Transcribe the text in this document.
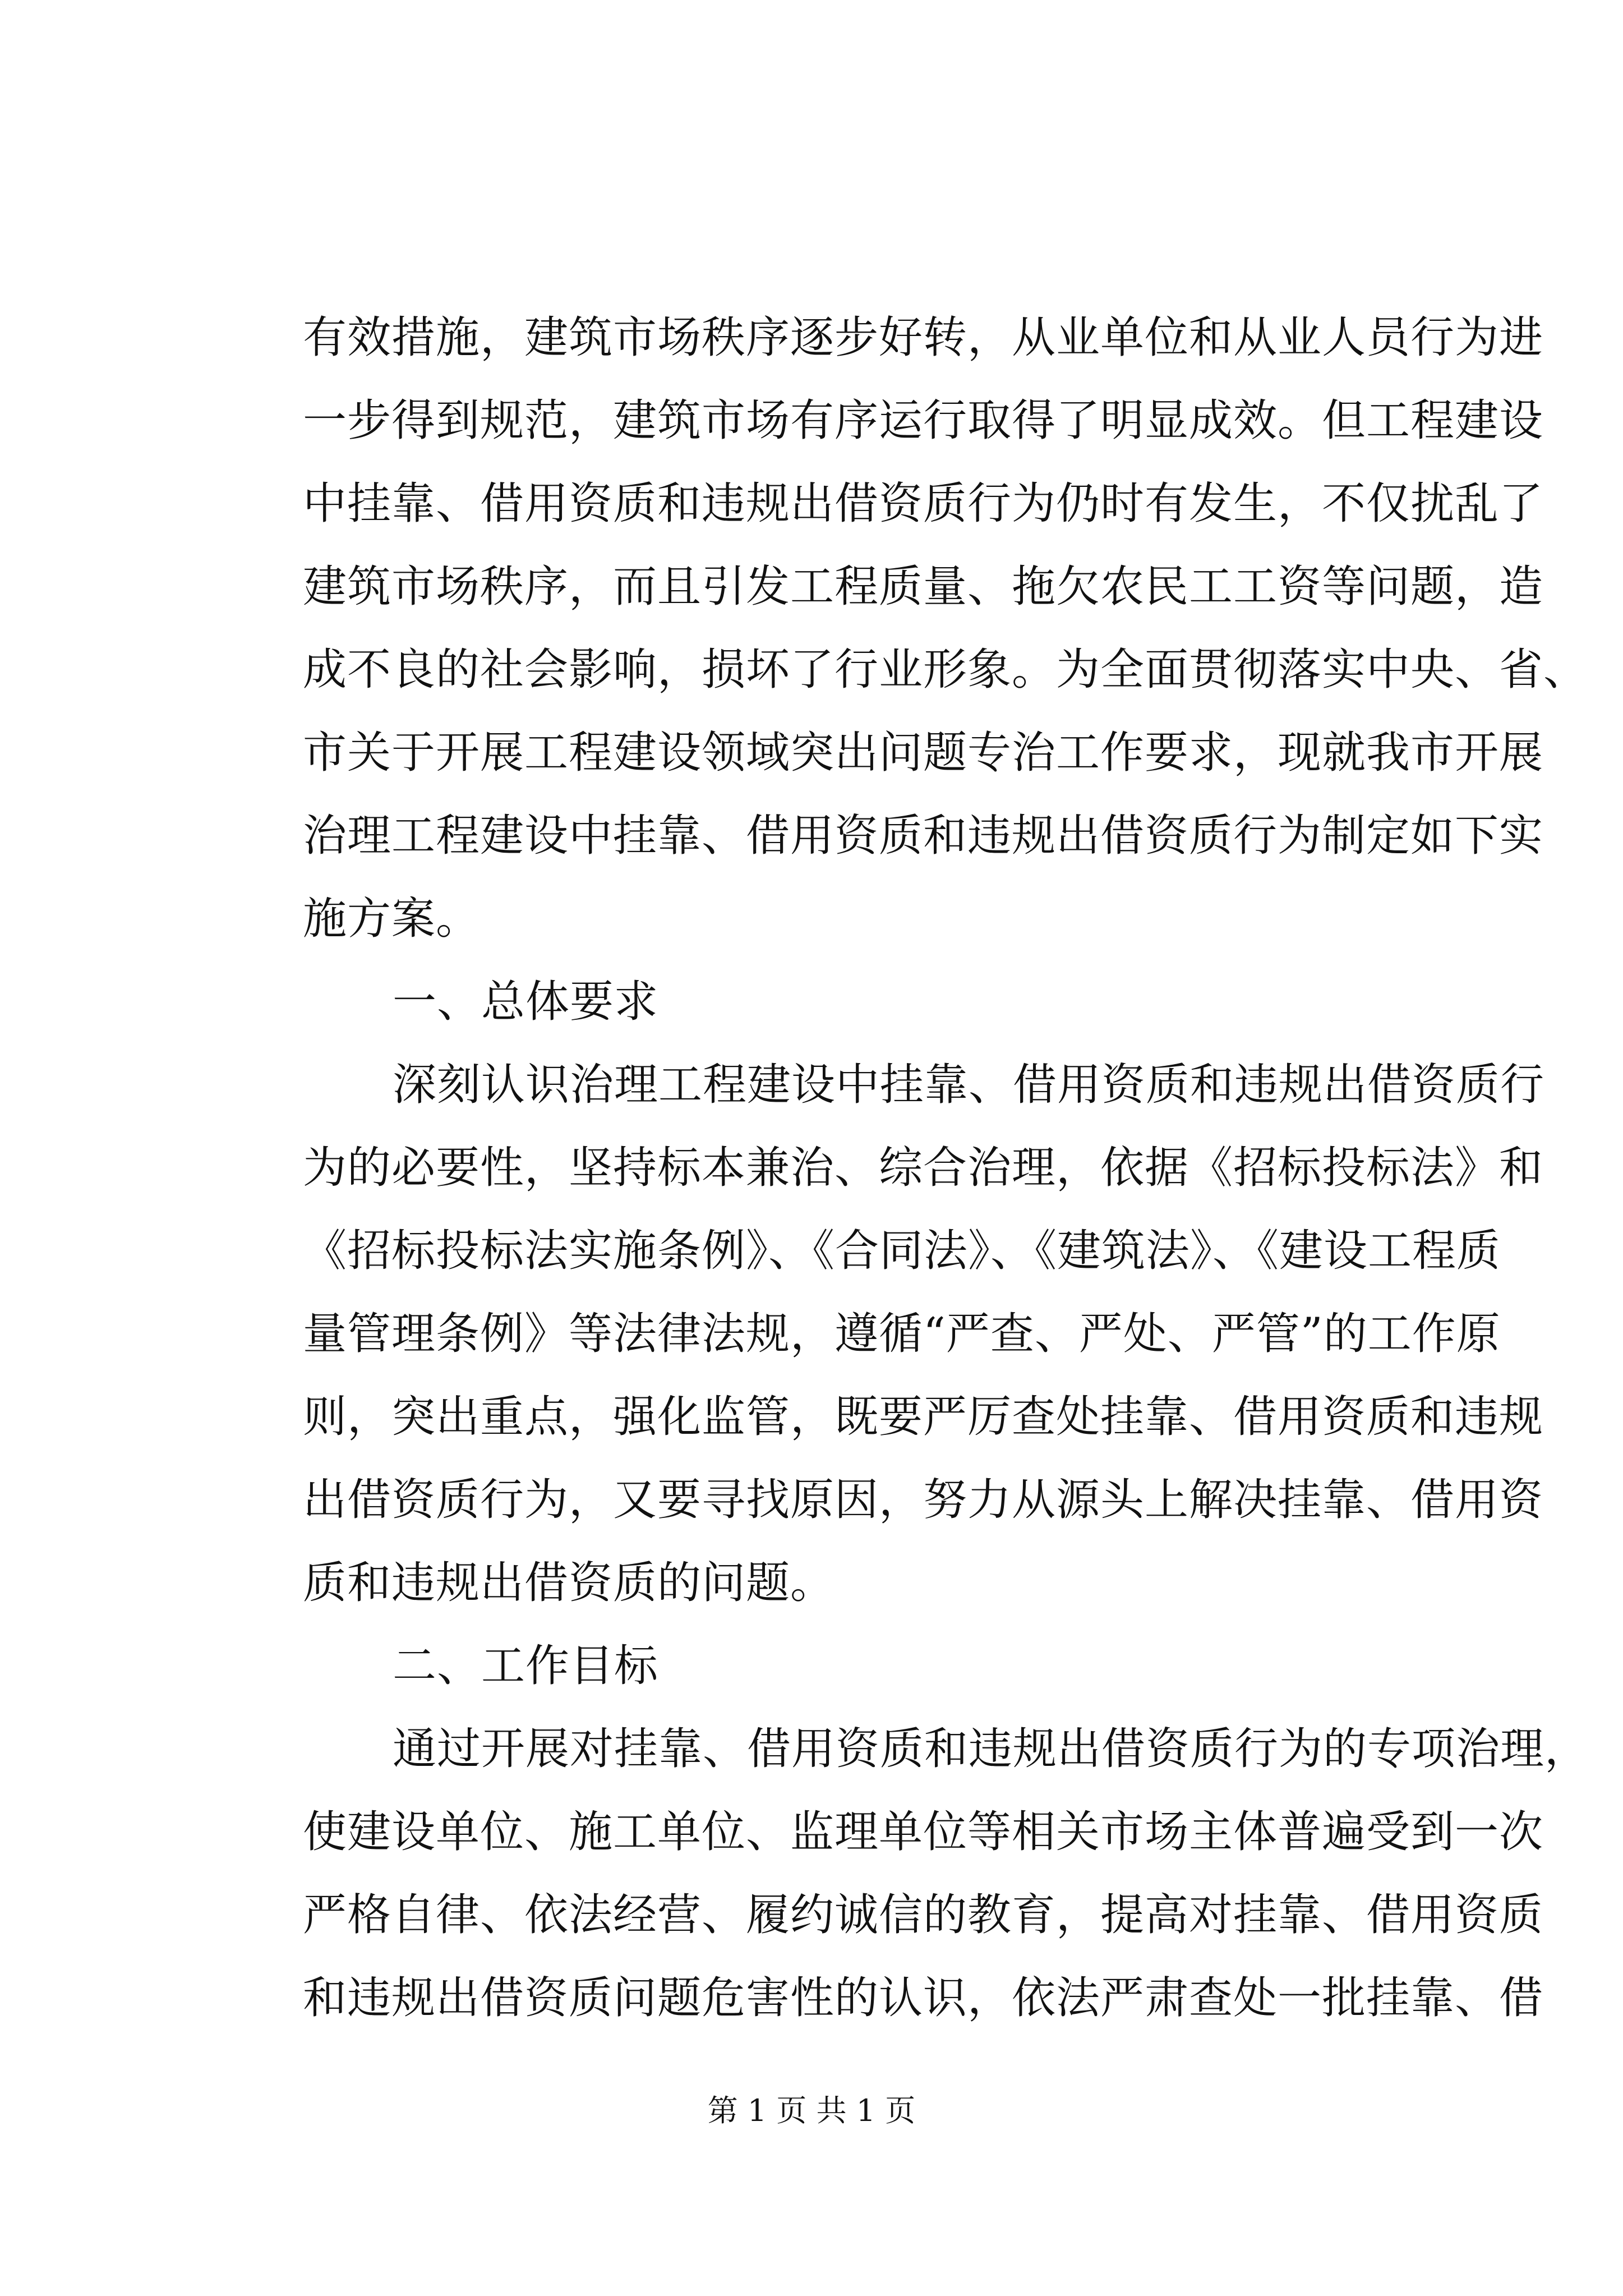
有效措施，建筑市场秩序逐步好转，从业单位和从业人员行为进
一步得到规范，建筑市场有序运行取得了明显成效。但工程建设
中挂靠、借用资质和违规出借资质行为仍时有发生，不仅扰乱了
建筑市场秩序，而且引发工程质量、拖欠农民工工资等问题，造
成不良的社会影响，损坏了行业形象。为全面贯彻落实中央、省、
市关于开展工程建设领域突出问题专治工作要求，现就我市开展
治理工程建设中挂靠、借用资质和违规出借资质行为制定如下实
施方案。
一、总体要求
深刻认识治理工程建设中挂靠、借用资质和违规出借资质行
为的必要性，坚持标本兼治、综合治理，依据《招标投标法》和
《招标投标法实施条例》、《合同法》、《建筑法》、《建设工程质
量管理条例》等法律法规，遵循“严查、严处、严管”的工作原
则，突出重点，强化监管，既要严厉查处挂靠、借用资质和违规
出借资质行为，又要寻找原因，努力从源头上解决挂靠、借用资
质和违规出借资质的问题。
二、工作目标
通过开展对挂靠、借用资质和违规出借资质行为的专项治理，
使建设单位、施工单位、监理单位等相关市场主体普遍受到一次
严格自律、依法经营、履约诚信的教育，提高对挂靠、借用资质
和违规出借资质问题危害性的认识，依法严肃查处一批挂靠、借
第 1 页 共 1 页
